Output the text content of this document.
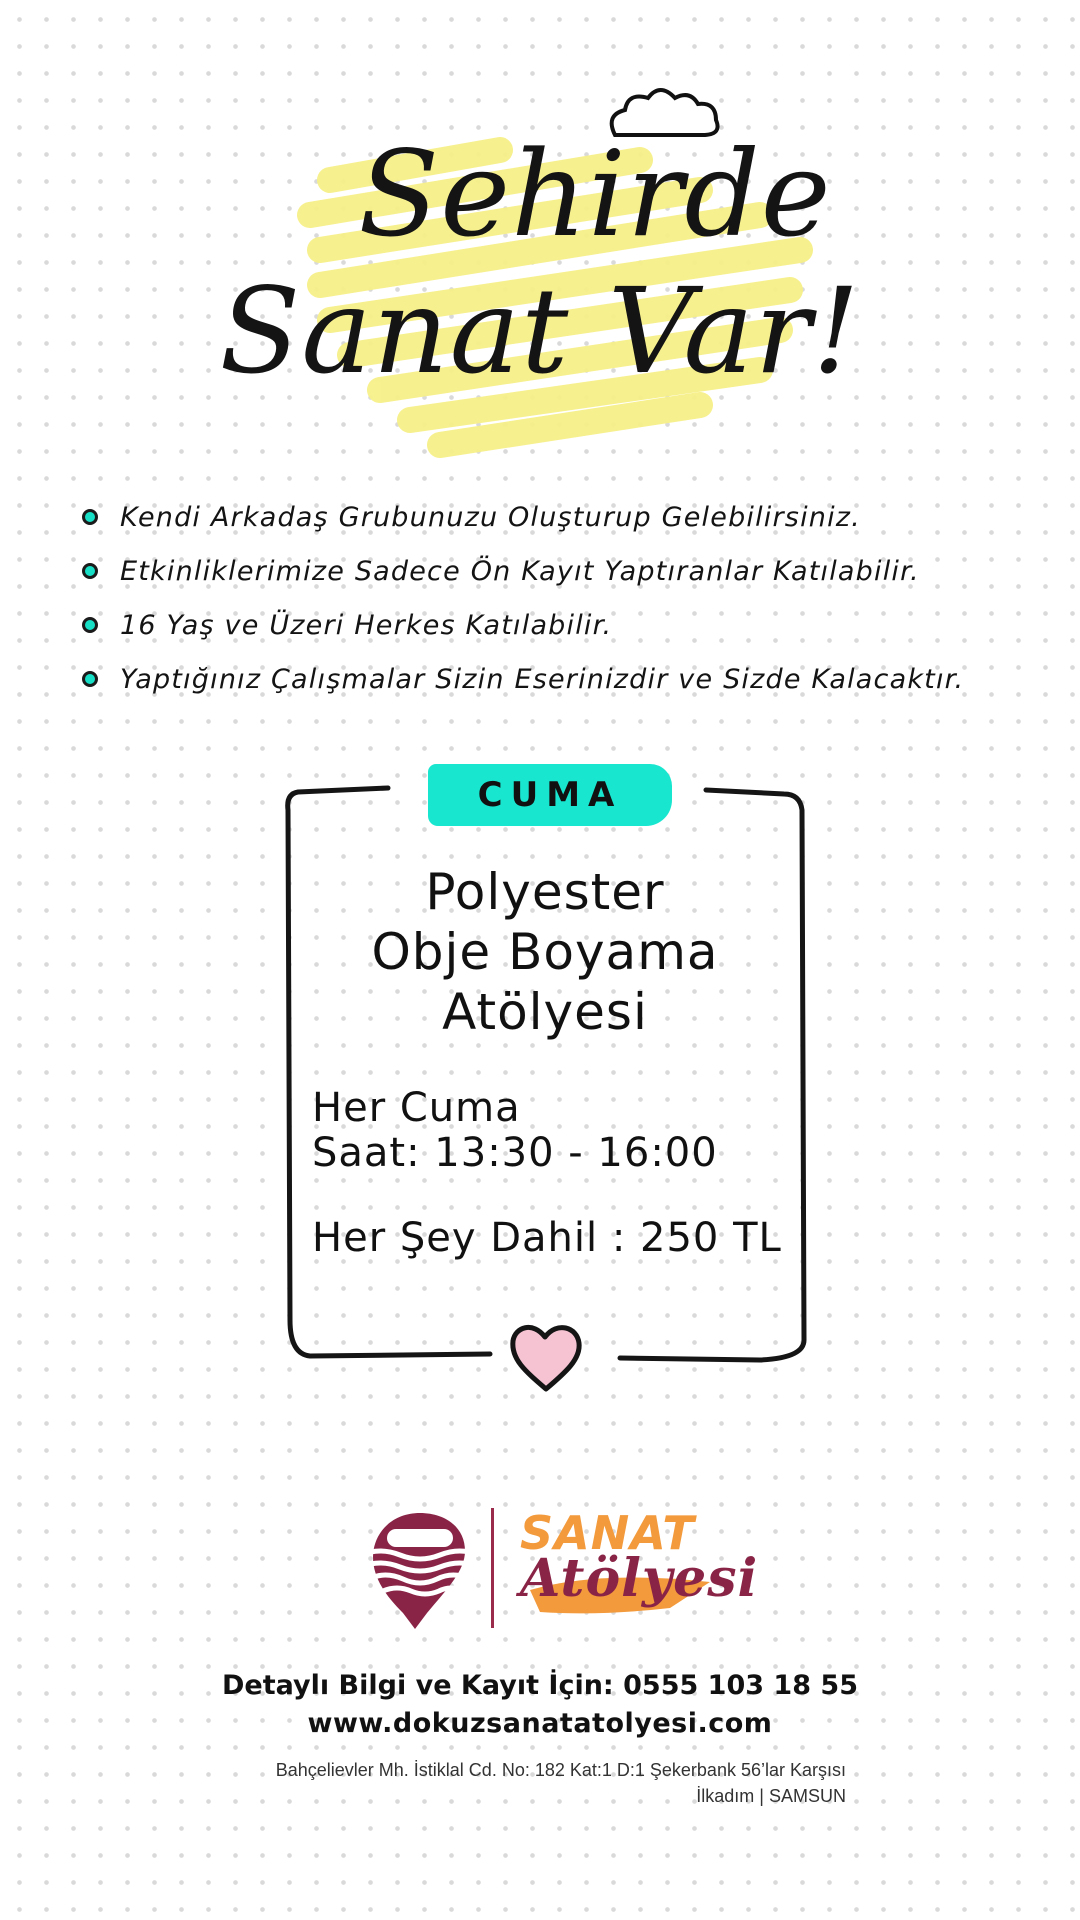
Sehirde
Sanat Var!
Kendi Arkadaş Grubunuzu Oluşturup Gelebilirsiniz.
Etkinliklerimize Sadece Ön Kayıt Yaptıranlar Katılabilir.
16 Yaş ve Üzeri Herkes Katılabilir.
Yaptığınız Çalışmalar Sizin Eserinizdir ve Sizde Kalacaktır.
CUMA
Polyester
Obje Boyama
Atölyesi
Her Cuma
Saat: 13:30 - 16:00
Her Şey Dahil : 250 TL
SANAT
Atölyesi
Detaylı Bilgi ve Kayıt İçin: 0555 103 18 55
www.dokuzsanatatolyesi.com
Bahçelievler Mh. İstiklal Cd. No: 182 Kat:1 D:1 Şekerbank 56’lar Karşısı
İlkadım | SAMSUN
